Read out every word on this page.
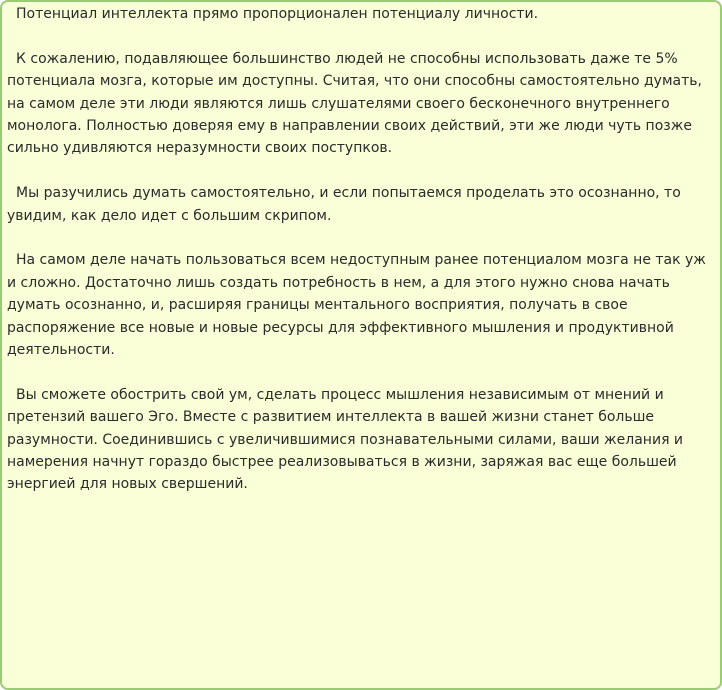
Потенциал интеллекта прямо пропорционален потенциалу личности.

К сожалению, подавляющее большинство людей не способны использовать даже те 5% потенциала мозга, которые им доступны. Считая, что они способны самостоятельно думать, на самом деле эти люди являются лишь слушателями своего бесконечного внутреннего монолога. Полностью доверяя ему в направлении своих действий, эти же люди чуть позже сильно удивляются неразумности своих поступков.

Мы разучились думать самостоятельно, и если попытаемся проделать это осознанно, то увидим, как дело идет с большим скрипом.

На самом деле начать пользоваться всем недоступным ранее потенциалом мозга не так уж и сложно. Достаточно лишь создать потребность в нем, а для этого нужно снова начать думать осознанно, и, расширяя границы ментального восприятия, получать в свое распоряжение все новые и новые ресурсы для эффективного мышления и продуктивной деятельности.

Вы сможете обострить свой ум, сделать процесс мышления независимым от мнений и претензий вашего Эго. Вместе с развитием интеллекта в вашей жизни станет больше разумности. Соединившись с увеличившимися познавательными силами, ваши желания и намерения начнут гораздо быстрее реализовываться в жизни, заряжая вас еще большей энергией для новых свершений.
